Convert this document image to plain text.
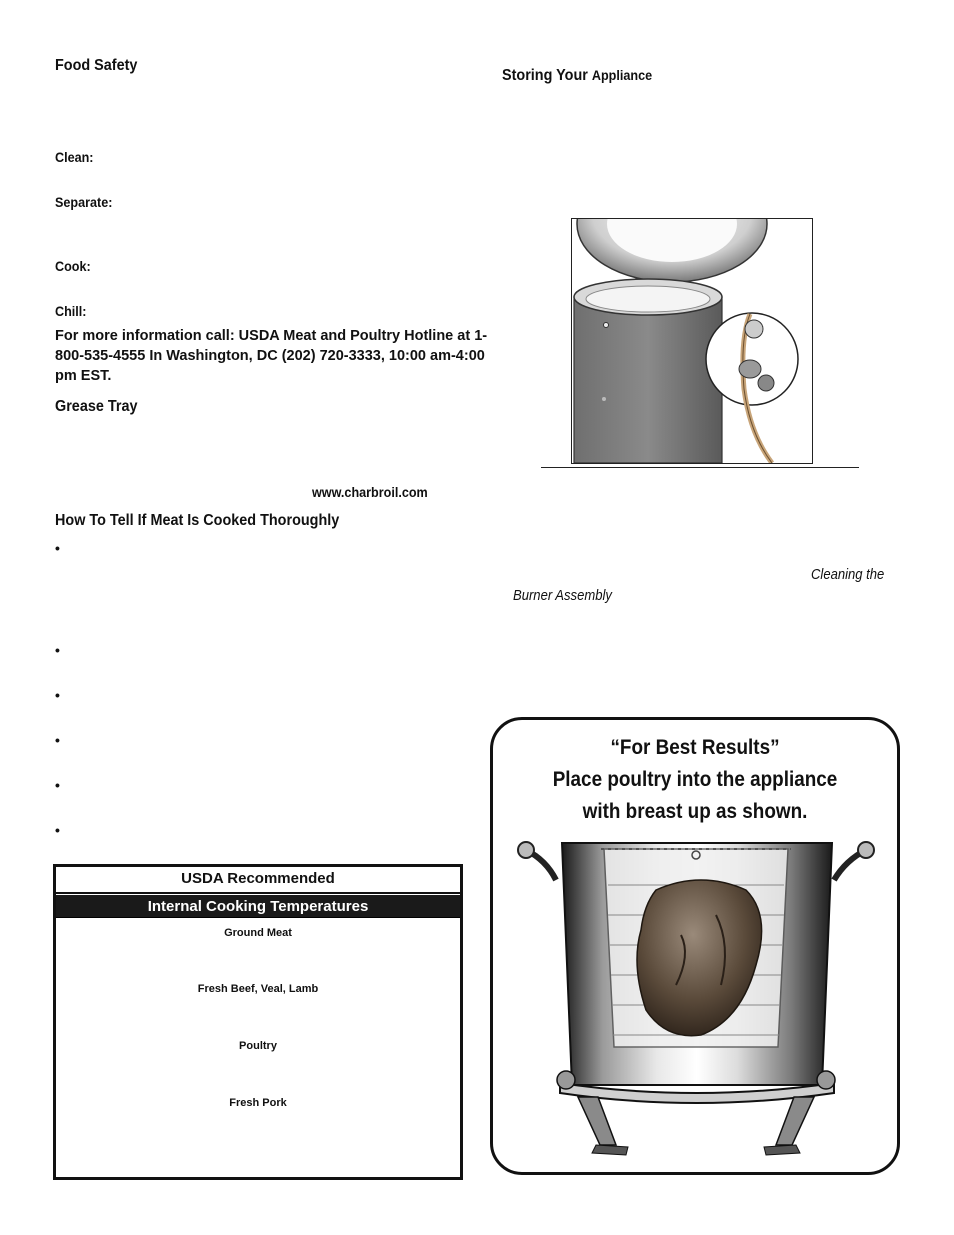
Food Safety
Clean:
Separate:
Cook:
Chill:
For more information call: USDA Meat and Poultry Hotline at 1-800-535-4555 In Washington, DC (202) 720-3333, 10:00 am-4:00 pm EST.
Grease Tray
www.charbroil.com
How To Tell If Meat Is Cooked Thoroughly
•
•
•
•
•
•
USDA Recommended
Internal Cooking Temperatures
Ground Meat
Fresh Beef, Veal, Lamb
Poultry
Fresh Pork
Storing Your Appliance
Cleaning the
Burner Assembly
“For Best Results”
Place poultry into the appliance
with breast up as shown.
